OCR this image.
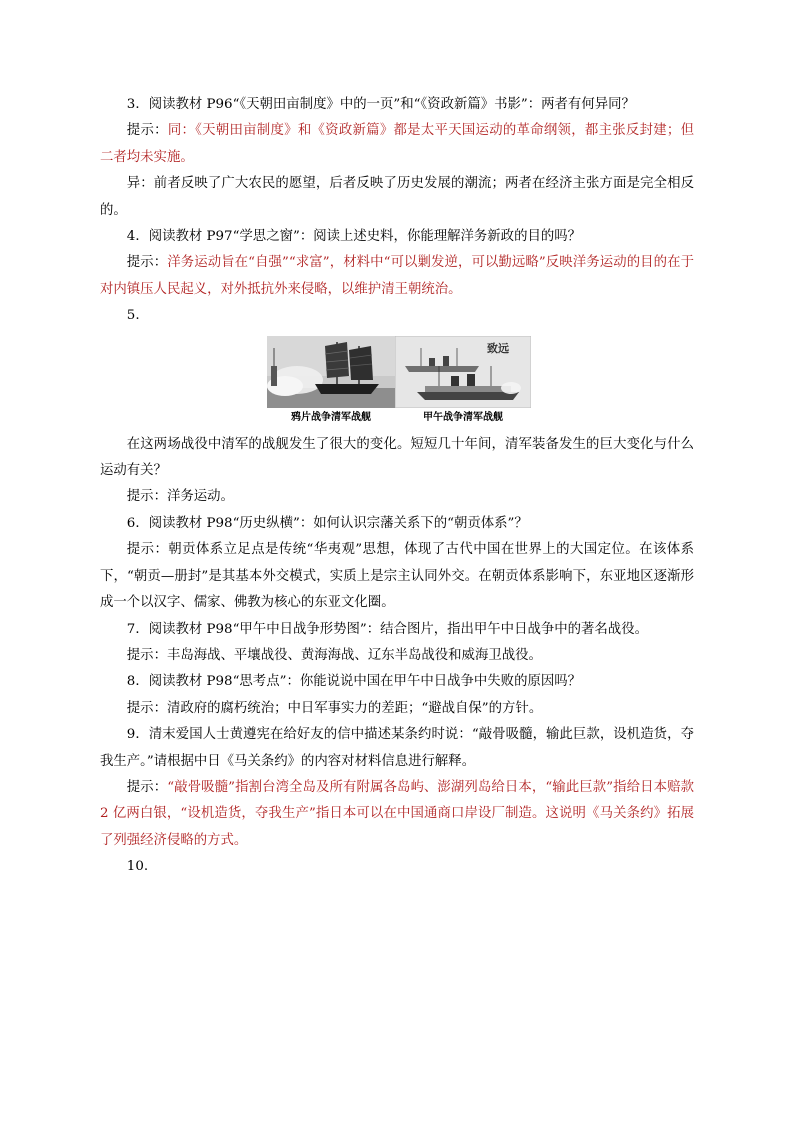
3．阅读教材 P96“《天朝田亩制度》中的一页”和“《资政新篇》书影”：两者有何异同？

提示：同：《天朝田亩制度》和《资政新篇》都是太平天国运动的革命纲领，都主张反封建；但二者均未实施。

异：前者反映了广大农民的愿望，后者反映了历史发展的潮流；两者在经济主张方面是完全相反的。

4．阅读教材 P97“学思之窗”：阅读上述史料，你能理解洋务新政的目的吗？

提示：洋务运动旨在“自强”“求富”，材料中“可以剿发逆，可以勤远略”反映洋务运动的目的在于对内镇压人民起义，对外抵抗外来侵略，以维护清王朝统治。

5.

鸦片战争清军战舰
致远
甲午战争清军战舰

在这两场战役中清军的战舰发生了很大的变化。短短几十年间，清军装备发生的巨大变化与什么运动有关？

提示：洋务运动。

6．阅读教材 P98“历史纵横”：如何认识宗藩关系下的“朝贡体系”？

提示：朝贡体系立足点是传统“华夷观”思想，体现了古代中国在世界上的大国定位。在该体系下，“朝贡—册封”是其基本外交模式，实质上是宗主认同外交。在朝贡体系影响下，东亚地区逐渐形成一个以汉字、儒家、佛教为核心的东亚文化圈。

7．阅读教材 P98“甲午中日战争形势图”：结合图片，指出甲午中日战争中的著名战役。

提示：丰岛海战、平壤战役、黄海海战、辽东半岛战役和威海卫战役。

8．阅读教材 P98“思考点”：你能说说中国在甲午中日战争中失败的原因吗？

提示：清政府的腐朽统治；中日军事实力的差距；“避战自保”的方针。

9．清末爱国人士黄遵宪在给好友的信中描述某条约时说：“敲骨吸髓，输此巨款，设机造货，夺我生产。”请根据中日《马关条约》的内容对材料信息进行解释。

提示：“敲骨吸髓”指割台湾全岛及所有附属各岛屿、澎湖列岛给日本，“输此巨款”指给日本赔款 2 亿两白银，“设机造货，夺我生产”指日本可以在中国通商口岸设厂制造。这说明《马关条约》拓展了列强经济侵略的方式。

10.
